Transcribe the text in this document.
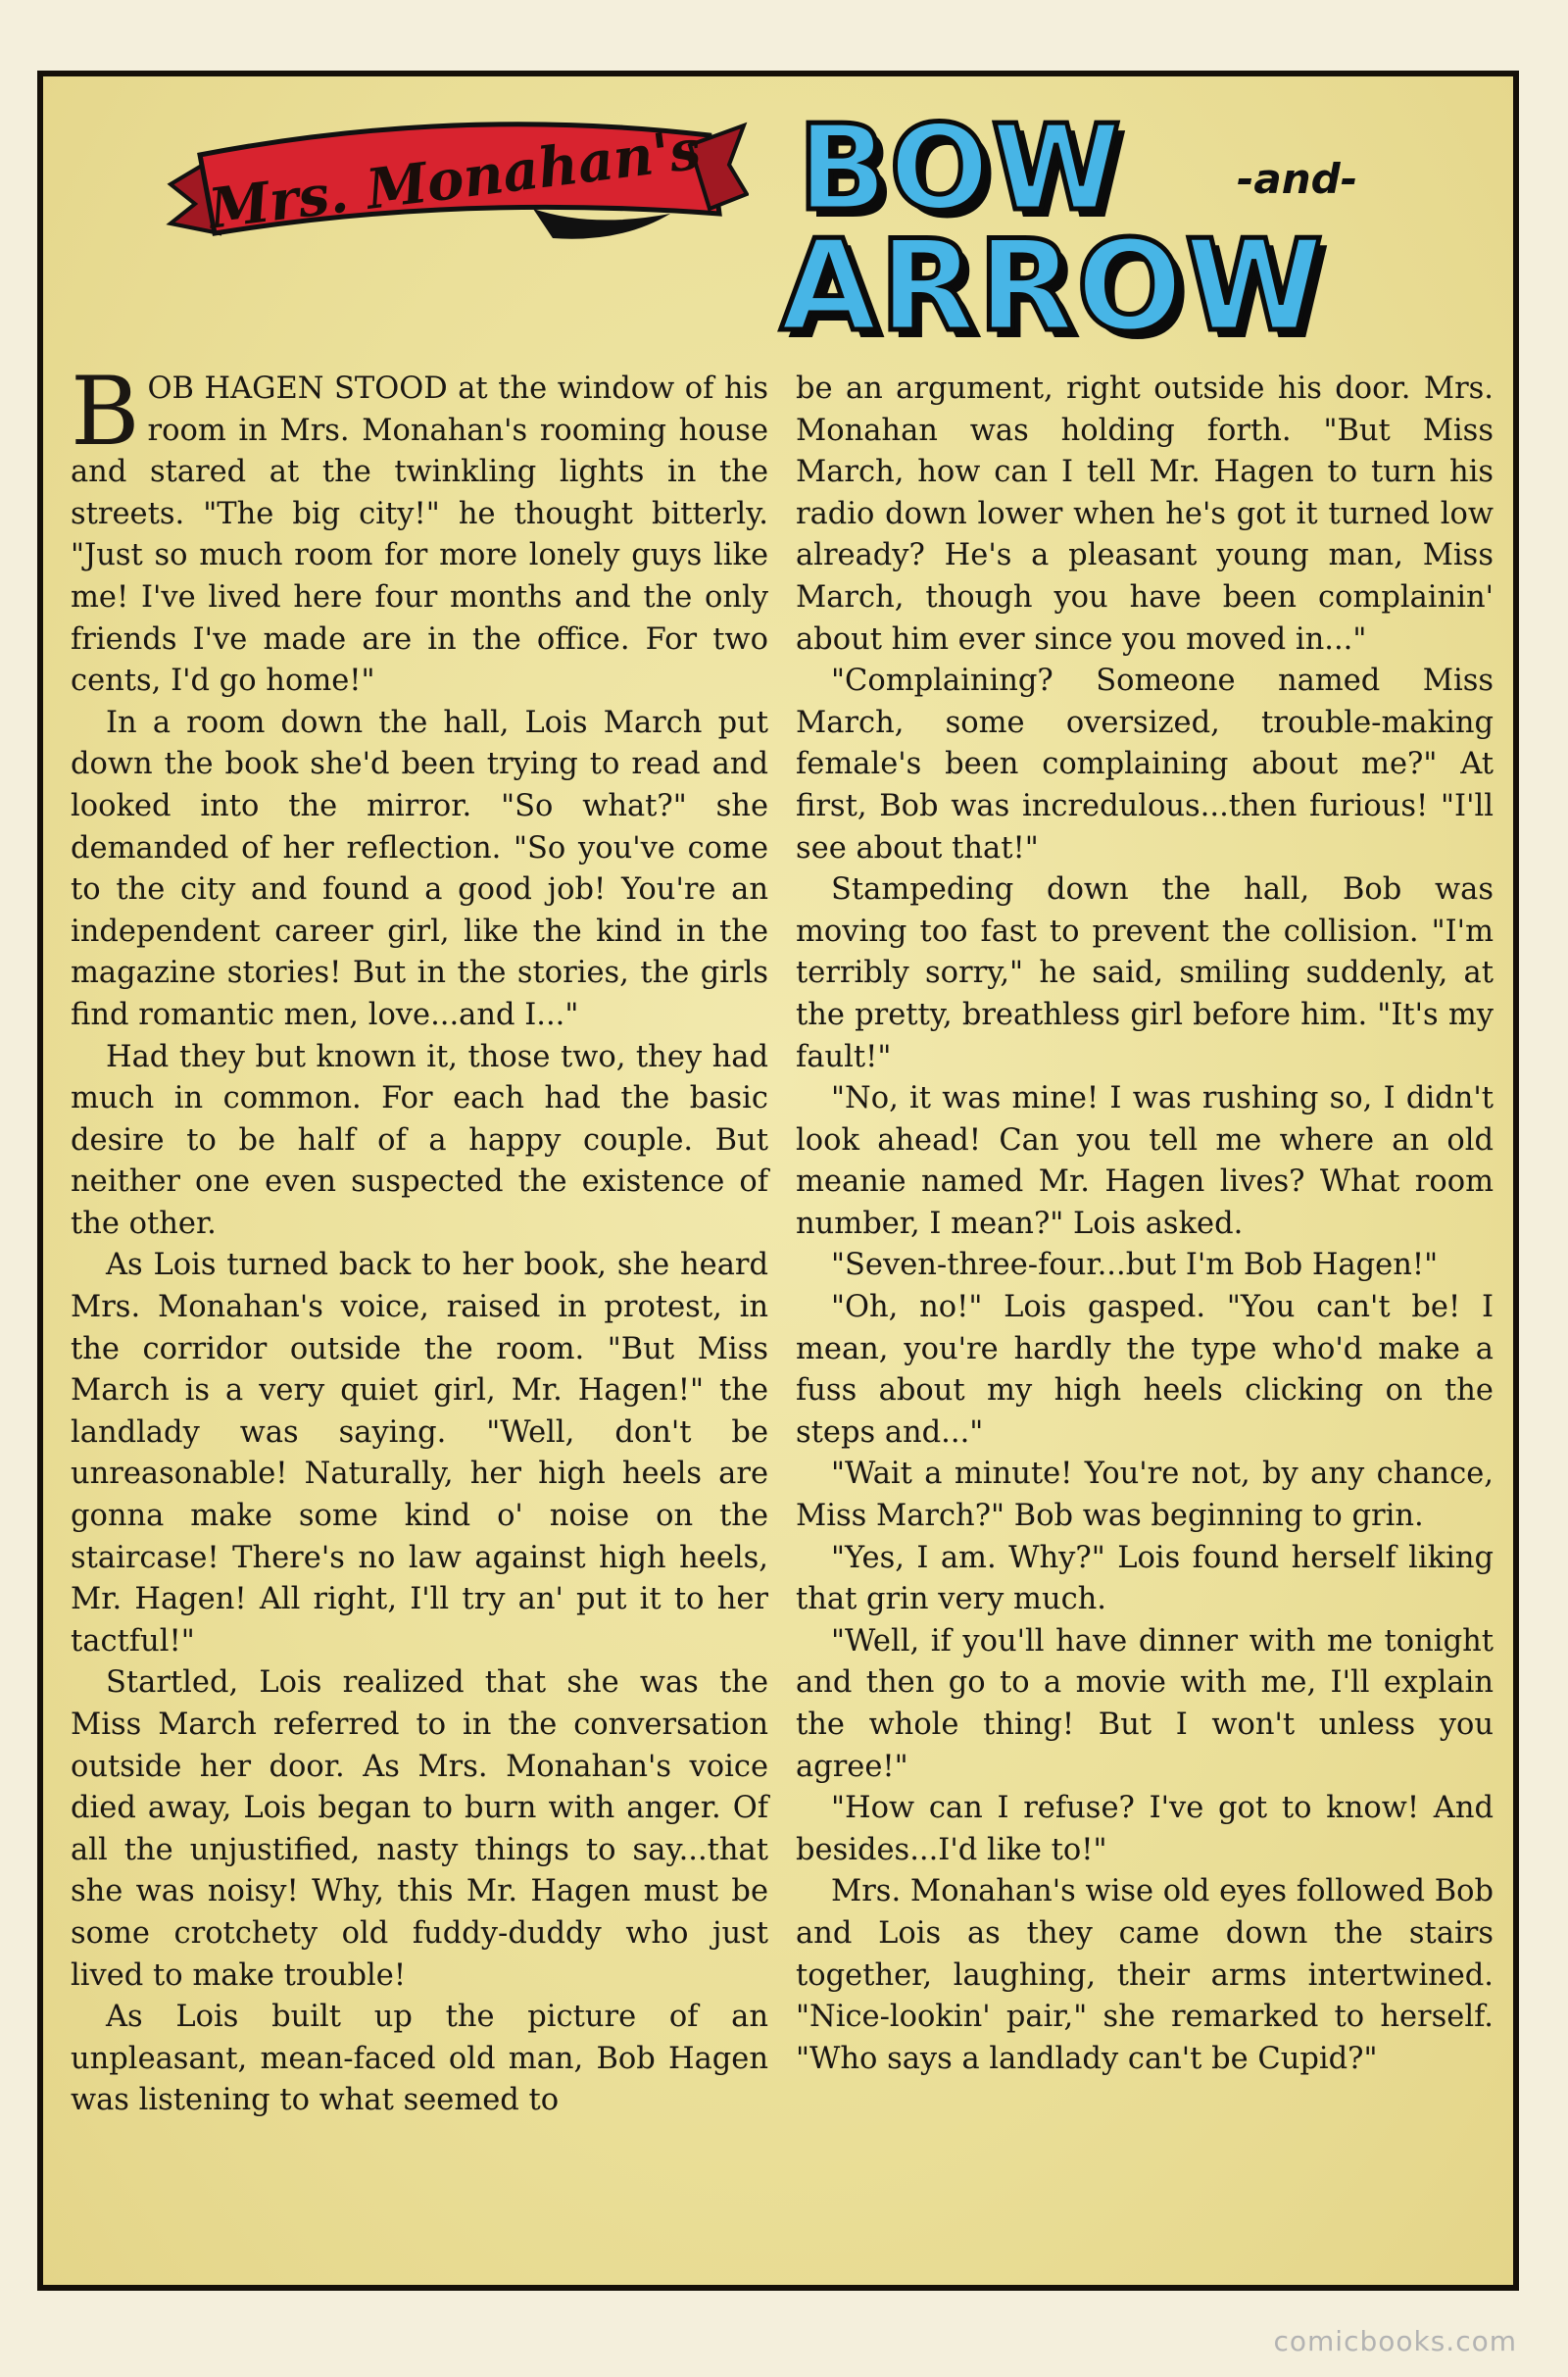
Mrs. Monahan's BOW	-and-
ARROW

BOB HAGEN STOOD at the window of his room in Mrs. Monahan's rooming house and stared at the twinkling lights in the streets. "The big city!" he thought bitterly. "Just so much room for more lonely guys like me! I've lived here four months and the only friends I've made are in the office. For two cents, I'd go home!"

In a room down the hall, Lois March put down the book she'd been trying to read and looked into the mirror. "So what?" she demanded of her reflection. "So you've come to the city and found a good job! You're an independent career girl, like the kind in the magazine stories! But in the stories, the girls find romantic men, love...and I..."

Had they but known it, those two, they had much in common. For each had the basic desire to be half of a happy couple. But neither one even suspected the existence of the other.

As Lois turned back to her book, she heard Mrs. Monahan's voice, raised in protest, in the corridor outside the room. "But Miss March is a very quiet girl, Mr. Hagen!" the landlady was saying. "Well, don't be unreasonable! Naturally, her high heels are gonna make some kind o' noise on the staircase! There's no law against high heels, Mr. Hagen! All right, I'll try an' put it to her tactful!"

Startled, Lois realized that she was the Miss March referred to in the conversation outside her door. As Mrs. Monahan's voice died away, Lois began to burn with anger. Of all the unjustified, nasty things to say...that she was noisy! Why, this Mr. Hagen must be some crotchety old fuddy-duddy who just lived to make trouble!

As Lois built up the picture of an unpleasant, mean-faced old man, Bob Hagen was listening to what seemed to

be an argument, right outside his door. Mrs. Monahan was holding forth. "But Miss March, how can I tell Mr. Hagen to turn his radio down lower when he's got it turned low already? He's a pleasant young man, Miss March, though you have been complainin' about him ever since you moved in..."

"Complaining? Someone named Miss March, some oversized, trouble-making female's been complaining about me?" At first, Bob was incredulous...then furious! "I'll see about that!"

Stampeding down the hall, Bob was moving too fast to prevent the collision. "I'm terribly sorry," he said, smiling suddenly, at the pretty, breathless girl before him. "It's my fault!"

"No, it was mine! I was rushing so, I didn't look ahead! Can you tell me where an old meanie named Mr. Hagen lives? What room number, I mean?" Lois asked.

"Seven-three-four...but I'm Bob Hagen!"

"Oh, no!" Lois gasped. "You can't be! I mean, you're hardly the type who'd make a fuss about my high heels clicking on the steps and..."

"Wait a minute! You're not, by any chance, Miss March?" Bob was beginning to grin.

"Yes, I am. Why?" Lois found herself liking that grin very much.

"Well, if you'll have dinner with me tonight and then go to a movie with me, I'll explain the whole thing! But I won't unless you agree!"

"How can I refuse? I've got to know! And besides...I'd like to!"

Mrs. Monahan's wise old eyes followed Bob and Lois as they came down the stairs together, laughing, their arms intertwined. "Nice-lookin' pair," she remarked to herself. "Who says a landlady can't be Cupid?"

comicbooks.com
